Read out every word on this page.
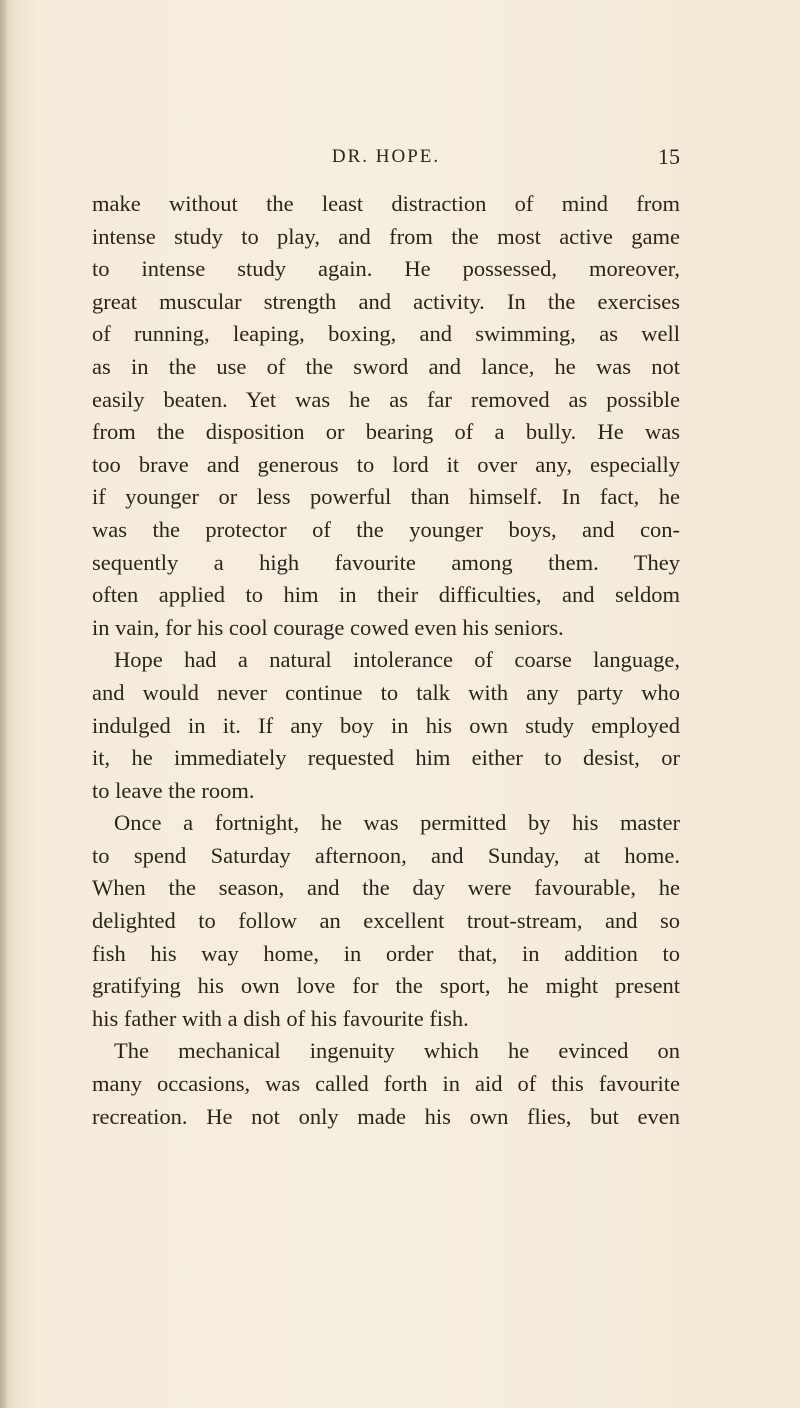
DR. HOPE.	15
make without the least distraction of mind from
intense study to play, and from the most active game
to intense study again. He possessed, moreover,
great muscular strength and activity. In the exercises
of running, leaping, boxing, and swimming, as well
as in the use of the sword and lance, he was not
easily beaten. Yet was he as far removed as possible
from the disposition or bearing of a bully. He was
too brave and generous to lord it over any, especially
if younger or less powerful than himself. In fact, he
was the protector of the younger boys, and con-
sequently a high favourite among them. They
often applied to him in their difficulties, and seldom
in vain, for his cool courage cowed even his seniors.
Hope had a natural intolerance of coarse language,
and would never continue to talk with any party who
indulged in it. If any boy in his own study employed
it, he immediately requested him either to desist, or
to leave the room.
Once a fortnight, he was permitted by his master
to spend Saturday afternoon, and Sunday, at home.
When the season, and the day were favourable, he
delighted to follow an excellent trout-stream, and so
fish his way home, in order that, in addition to
gratifying his own love for the sport, he might present
his father with a dish of his favourite fish.
The mechanical ingenuity which he evinced on
many occasions, was called forth in aid of this favourite
recreation. He not only made his own flies, but even
